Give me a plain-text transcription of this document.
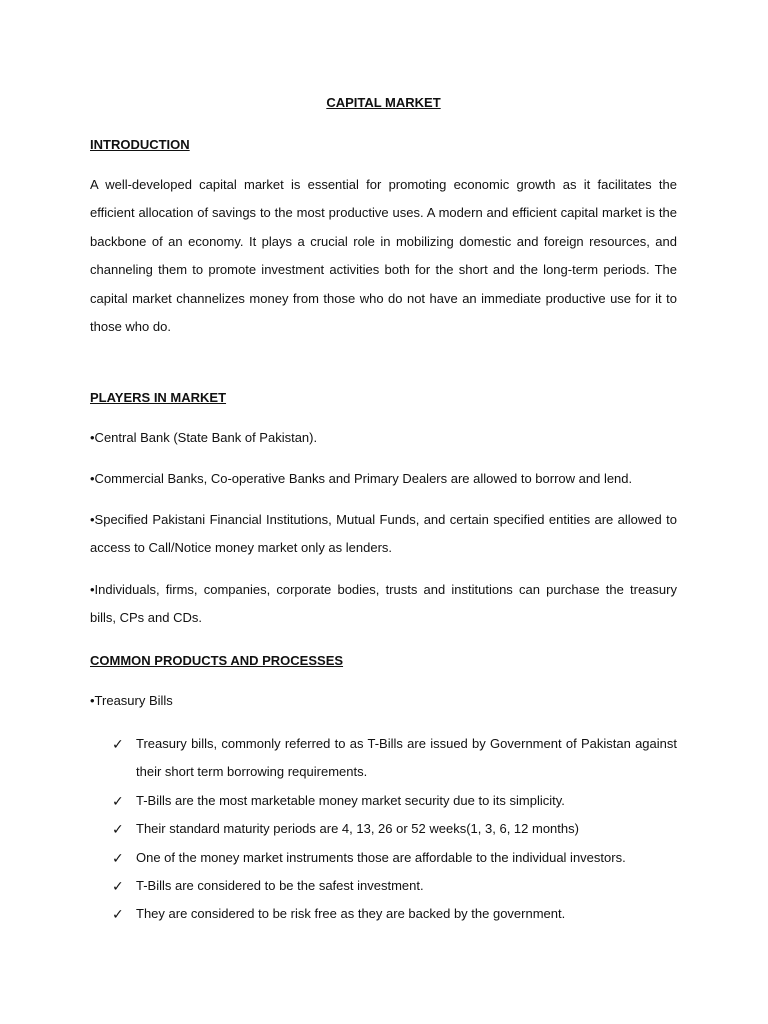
CAPITAL MARKET
INTRODUCTION
A well-developed capital market is essential for promoting economic growth as it facilitates the efficient allocation of savings to the most productive uses. A modern and efficient capital market is the backbone of an economy. It plays a crucial role in mobilizing domestic and foreign resources, and channeling them to promote investment activities both for the short and the long-term periods. The capital market channelizes money from those who do not have an immediate productive use for it to those who do.
PLAYERS IN MARKET
•Central Bank (State Bank of Pakistan).
•Commercial Banks, Co-operative Banks and Primary Dealers are allowed to borrow and lend.
•Specified Pakistani Financial Institutions, Mutual Funds, and certain specified entities are allowed to access to Call/Notice money market only as lenders.
•Individuals, firms, companies, corporate bodies, trusts and institutions can purchase the treasury bills, CPs and CDs.
COMMON PRODUCTS AND PROCESSES
•Treasury Bills
✓ Treasury bills, commonly referred to as T-Bills are issued by Government of Pakistan against their short term borrowing requirements.
✓ T-Bills are the most marketable money market security due to its simplicity.
✓ Their standard maturity periods are 4, 13, 26 or 52 weeks(1, 3, 6, 12 months)
✓ One of the money market instruments those are affordable to the individual investors.
✓ T-Bills are considered to be the safest investment.
✓ They are considered to be risk free as they are backed by the government.
